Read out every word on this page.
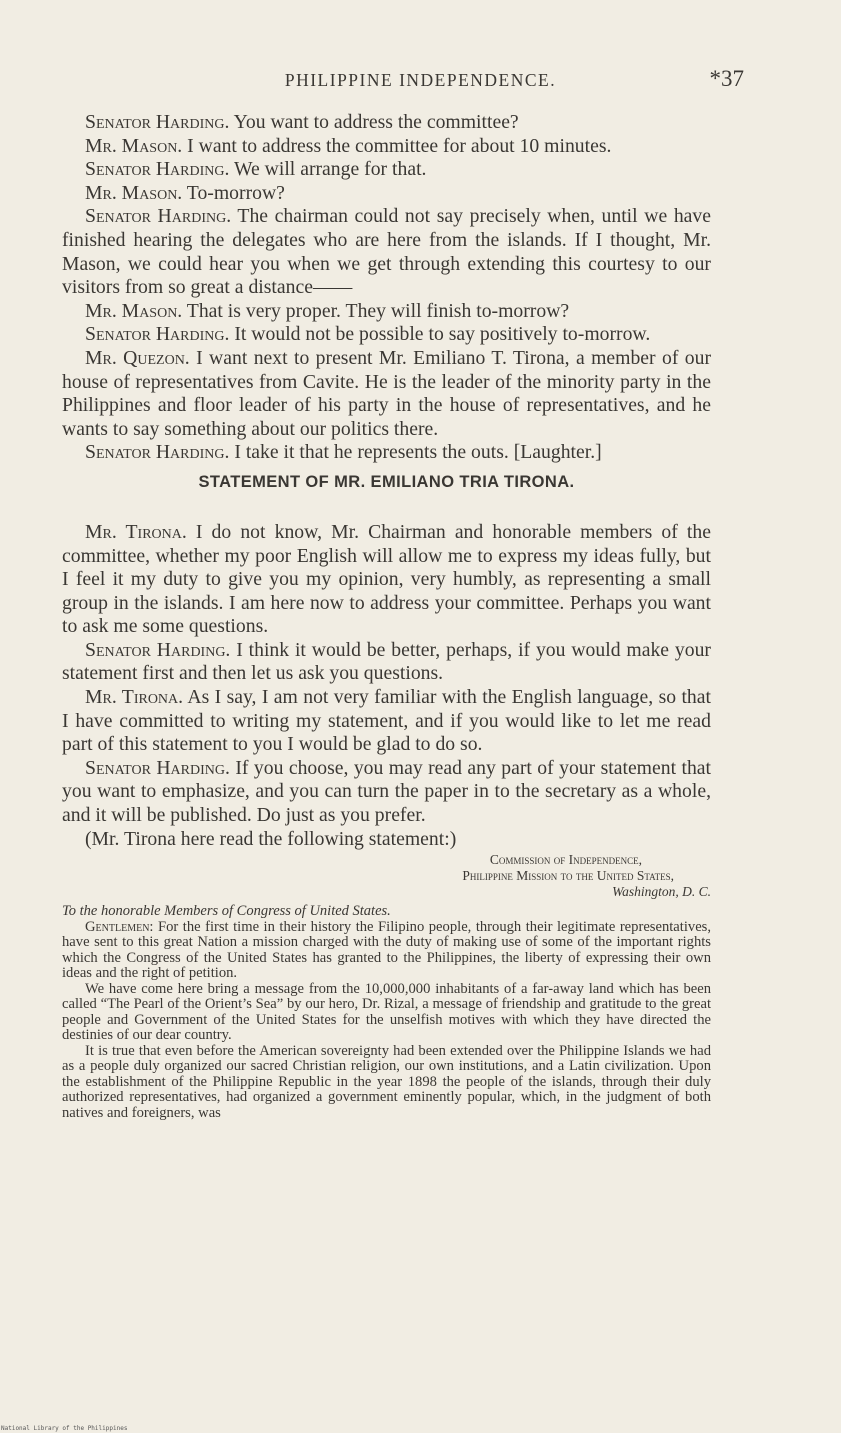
PHILIPPINE INDEPENDENCE.	*37

Senator Harding. You want to address the committee?

Mr. Mason. I want to address the committee for about 10 minutes.

Senator Harding. We will arrange for that.

Mr. Mason. To-morrow?

Senator Harding. The chairman could not say precisely when, until we have finished hearing the delegates who are here from the islands. If I thought, Mr. Mason, we could hear you when we get through extending this courtesy to our visitors from so great a distance——

Mr. Mason. That is very proper. They will finish to-morrow?

Senator Harding. It would not be possible to say positively to-morrow.

Mr. Quezon. I want next to present Mr. Emiliano T. Tirona, a member of our house of representatives from Cavite. He is the leader of the minority party in the Philippines and floor leader of his party in the house of representatives, and he wants to say something about our politics there.

Senator Harding. I take it that he represents the outs. [Laughter.]

STATEMENT OF MR. EMILIANO TRIA TIRONA.

Mr. Tirona. I do not know, Mr. Chairman and honorable members of the committee, whether my poor English will allow me to express my ideas fully, but I feel it my duty to give you my opinion, very humbly, as representing a small group in the islands. I am here now to address your committee. Perhaps you want to ask me some questions.

Senator Harding. I think it would be better, perhaps, if you would make your statement first and then let us ask you questions.

Mr. Tirona. As I say, I am not very familiar with the English language, so that I have committed to writing my statement, and if you would like to let me read part of this statement to you I would be glad to do so.

Senator Harding. If you choose, you may read any part of your statement that you want to emphasize, and you can turn the paper in to the secretary as a whole, and it will be published. Do just as you prefer.

(Mr. Tirona here read the following statement:)

Commission of Independence,
Philippine Mission to the United States,
Washington, D. C.
To the honorable Members of Congress of United States.

Gentlemen: For the first time in their history the Filipino people, through their legitimate representatives, have sent to this great Nation a mission charged with the duty of making use of some of the important rights which the Congress of the United States has granted to the Philippines, the liberty of expressing their own ideas and the right of petition.

We have come here bring a message from the 10,000,000 inhabitants of a far-away land which has been called “The Pearl of the Orient’s Sea” by our hero, Dr. Rizal, a message of friendship and gratitude to the great people and Government of the United States for the unselfish motives with which they have directed the destinies of our dear country.

It is true that even before the American sovereignty had been extended over the Philippine Islands we had as a people duly organized our sacred Christian religion, our own institutions, and a Latin civilization. Upon the establishment of the Philippine Republic in the year 1898 the people of the islands, through their duly authorized representatives, had organized a government eminently popular, which, in the judgment of both natives and foreigners, was

National Library of the Philippines
